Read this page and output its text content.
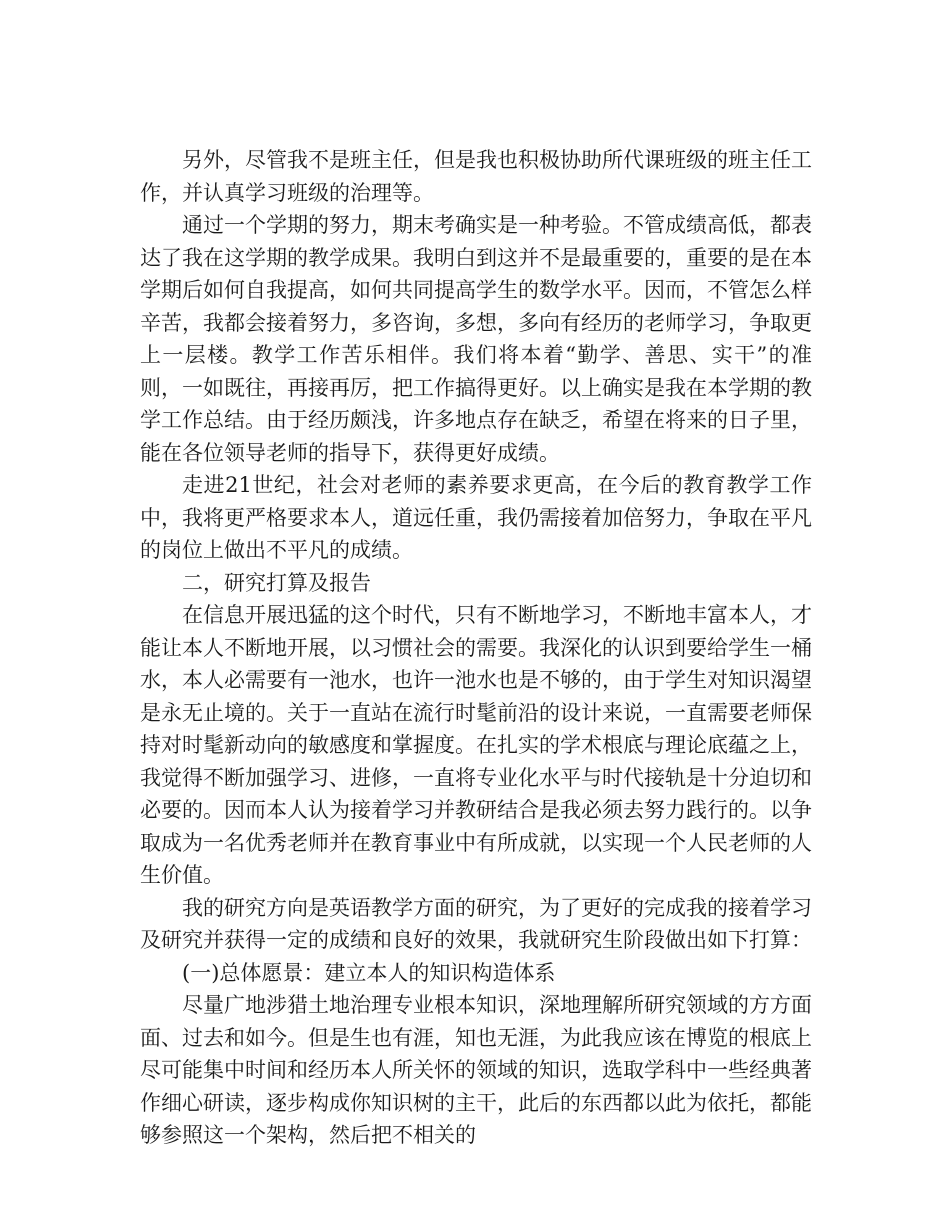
另外，尽管我不是班主任，但是我也积极协助所代课班级的班主任工作，并认真学习班级的治理等。

通过一个学期的努力，期末考确实是一种考验。不管成绩高低，都表达了我在这学期的教学成果。我明白到这并不是最重要的，重要的是在本学期后如何自我提高，如何共同提高学生的数学水平。因而，不管怎么样辛苦，我都会接着努力，多咨询，多想，多向有经历的老师学习，争取更上一层楼。教学工作苦乐相伴。我们将本着“勤学、善思、实干”的准则，一如既往，再接再厉，把工作搞得更好。以上确实是我在本学期的教学工作总结。由于经历颇浅，许多地点存在缺乏，希望在将来的日子里，能在各位领导老师的指导下，获得更好成绩。

走进21世纪，社会对老师的素养要求更高，在今后的教育教学工作中，我将更严格要求本人，道远任重，我仍需接着加倍努力，争取在平凡的岗位上做出不平凡的成绩。

二，研究打算及报告

在信息开展迅猛的这个时代，只有不断地学习，不断地丰富本人，才能让本人不断地开展，以习惯社会的需要。我深化的认识到要给学生一桶水，本人必需要有一池水，也许一池水也是不够的，由于学生对知识渴望是永无止境的。关于一直站在流行时髦前沿的设计来说，一直需要老师保持对时髦新动向的敏感度和掌握度。在扎实的学术根底与理论底蕴之上，我觉得不断加强学习、进修，一直将专业化水平与时代接轨是十分迫切和必要的。因而本人认为接着学习并教研结合是我必须去努力践行的。以争取成为一名优秀老师并在教育事业中有所成就，以实现一个人民老师的人生价值。

我的研究方向是英语教学方面的研究，为了更好的完成我的接着学习及研究并获得一定的成绩和良好的效果，我就研究生阶段做出如下打算：

(一)总体愿景：建立本人的知识构造体系

尽量广地涉猎土地治理专业根本知识，深地理解所研究领域的方方面面、过去和如今。但是生也有涯，知也无涯，为此我应该在博览的根底上尽可能集中时间和经历本人所关怀的领域的知识，选取学科中一些经典著作细心研读，逐步构成你知识树的主干，此后的东西都以此为依托，都能够参照这一个架构，然后把不相关的
